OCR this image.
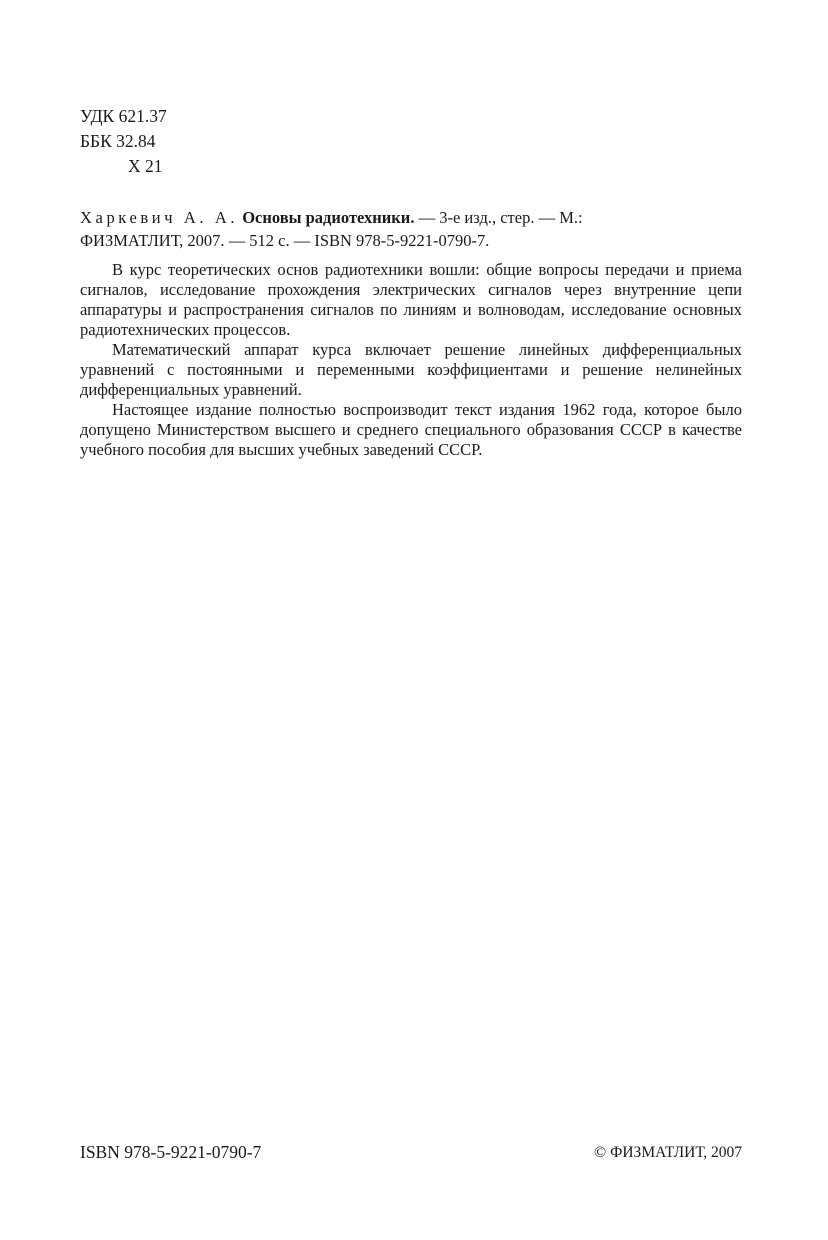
УДК 621.37
ББК 32.84
Х 21
Харкевич А. А. Основы радиотехники. — 3-е изд., стер. — М.:
ФИЗМАТЛИТ, 2007. — 512 с. — ISBN 978-5-9221-0790-7.

В курс теоретических основ радиотехники вошли: общие вопросы передачи и приема сигналов, исследование прохождения электрических сигналов через внутренние цепи аппаратуры и распространения сигналов по линиям и волноводам, исследование основных радиотехнических процессов.

Математический аппарат курса включает решение линейных дифференциальных уравнений с постоянными и переменными коэффициентами и решение нелинейных дифференциальных уравнений.

Настоящее издание полностью воспроизводит текст издания 1962 года, которое было допущено Министерством высшего и среднего специального образования СССР в качестве учебного пособия для высших учебных заведений СССР.

ISBN 978-5-9221-0790-7	© ФИЗМАТЛИТ, 2007
